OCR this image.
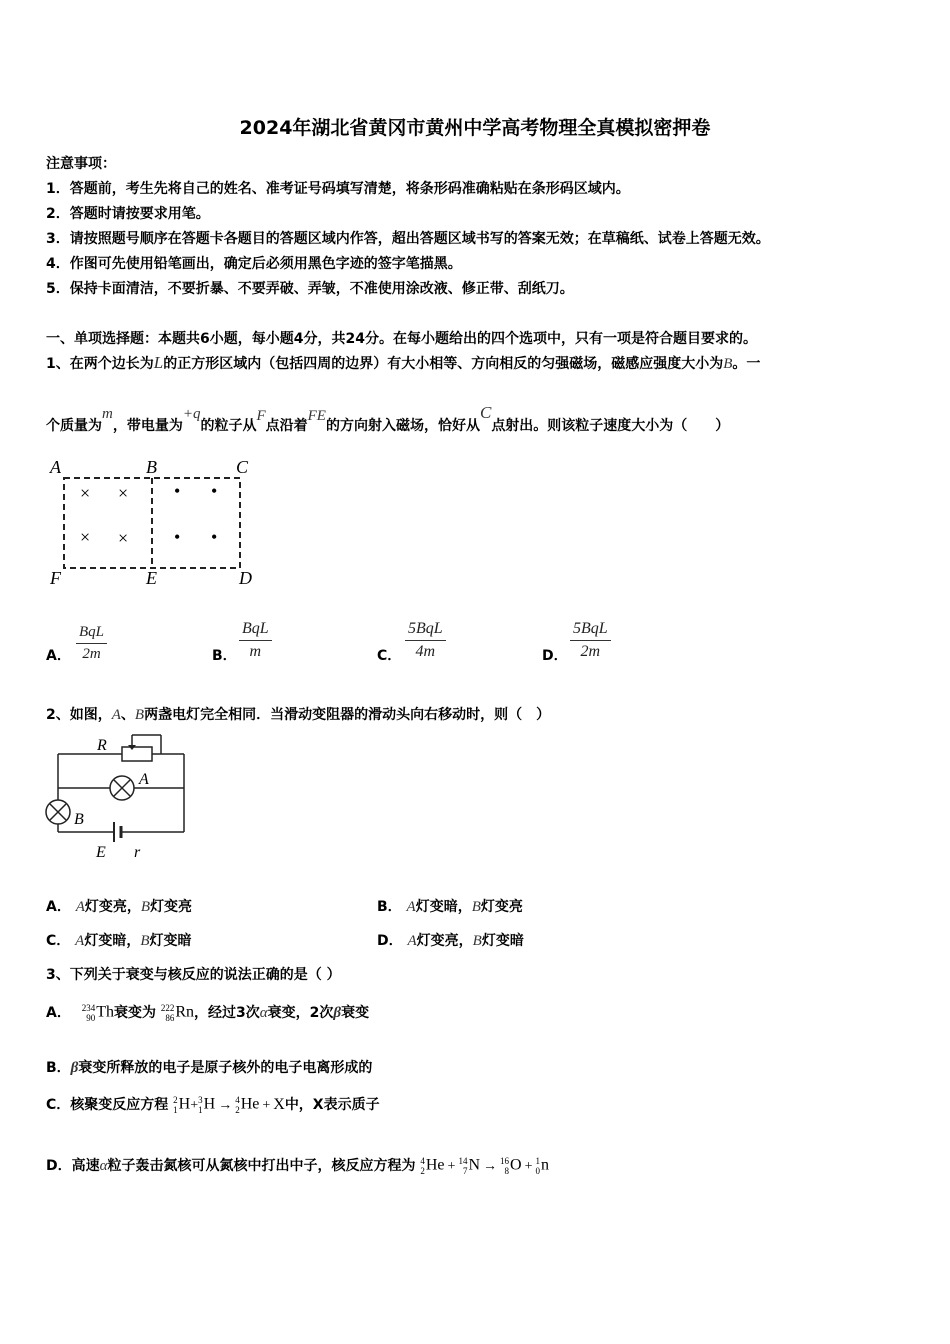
2024年湖北省黄冈市黄州中学高考物理全真模拟密押卷
注意事项：
1．答题前，考生先将自己的姓名、准考证号码填写清楚，将条形码准确粘贴在条形码区域内。
2．答题时请按要求用笔。
3．请按照题号顺序在答题卡各题目的答题区域内作答，超出答题区域书写的答案无效；在草稿纸、试卷上答题无效。
4．作图可先使用铅笔画出，确定后必须用黑色字迹的签字笔描黑。
5．保持卡面清洁，不要折暴、不要弄破、弄皱，不准使用涂改液、修正带、刮纸刀。
一、单项选择题：本题共6小题，每小题4分，共24分。在每小题给出的四个选项中，只有一项是符合题目要求的。
1、在两个边长为L的正方形区域内（包括四周的边界）有大小相等、方向相反的匀强磁场，磁感应强度大小为B。一
个质量为m，带电量为+q的粒子从F点沿着FE的方向射入磁场，恰好从C点射出。则该粒子速度大小为（　　）
A	B	C
F	E	D
× ×
× ×
• •
• •
A．
BqL
2m	B．
BqL
m	C．
5BqL
4m	D．
5BqL
2m
2、如图，A、B两盏电灯完全相同．当滑动变阻器的滑动头向右移动时，则（　）
R
A
B
E r
A． A灯变亮，B灯变亮	B． A灯变暗，B灯变亮
C． A灯变暗，B灯变暗	D． A灯变亮，B灯变暗
3、下列关于衰变与核反应的说法正确的是（ ）
A． 234
90 Th衰变为 222
86 Rn，经过3次α衰变，2次β衰变
B．β衰变所释放的电子是原子核外的电子电离形成的
C．核聚变反应方程 2
1 H+ 3
1 H → 4
2 He + X中，X表示质子
D．高速α粒子轰击氮核可从氮核中打出中子，核反应方程为 4
2 He + 14
7 N → 16
8 O + 1
0 n
